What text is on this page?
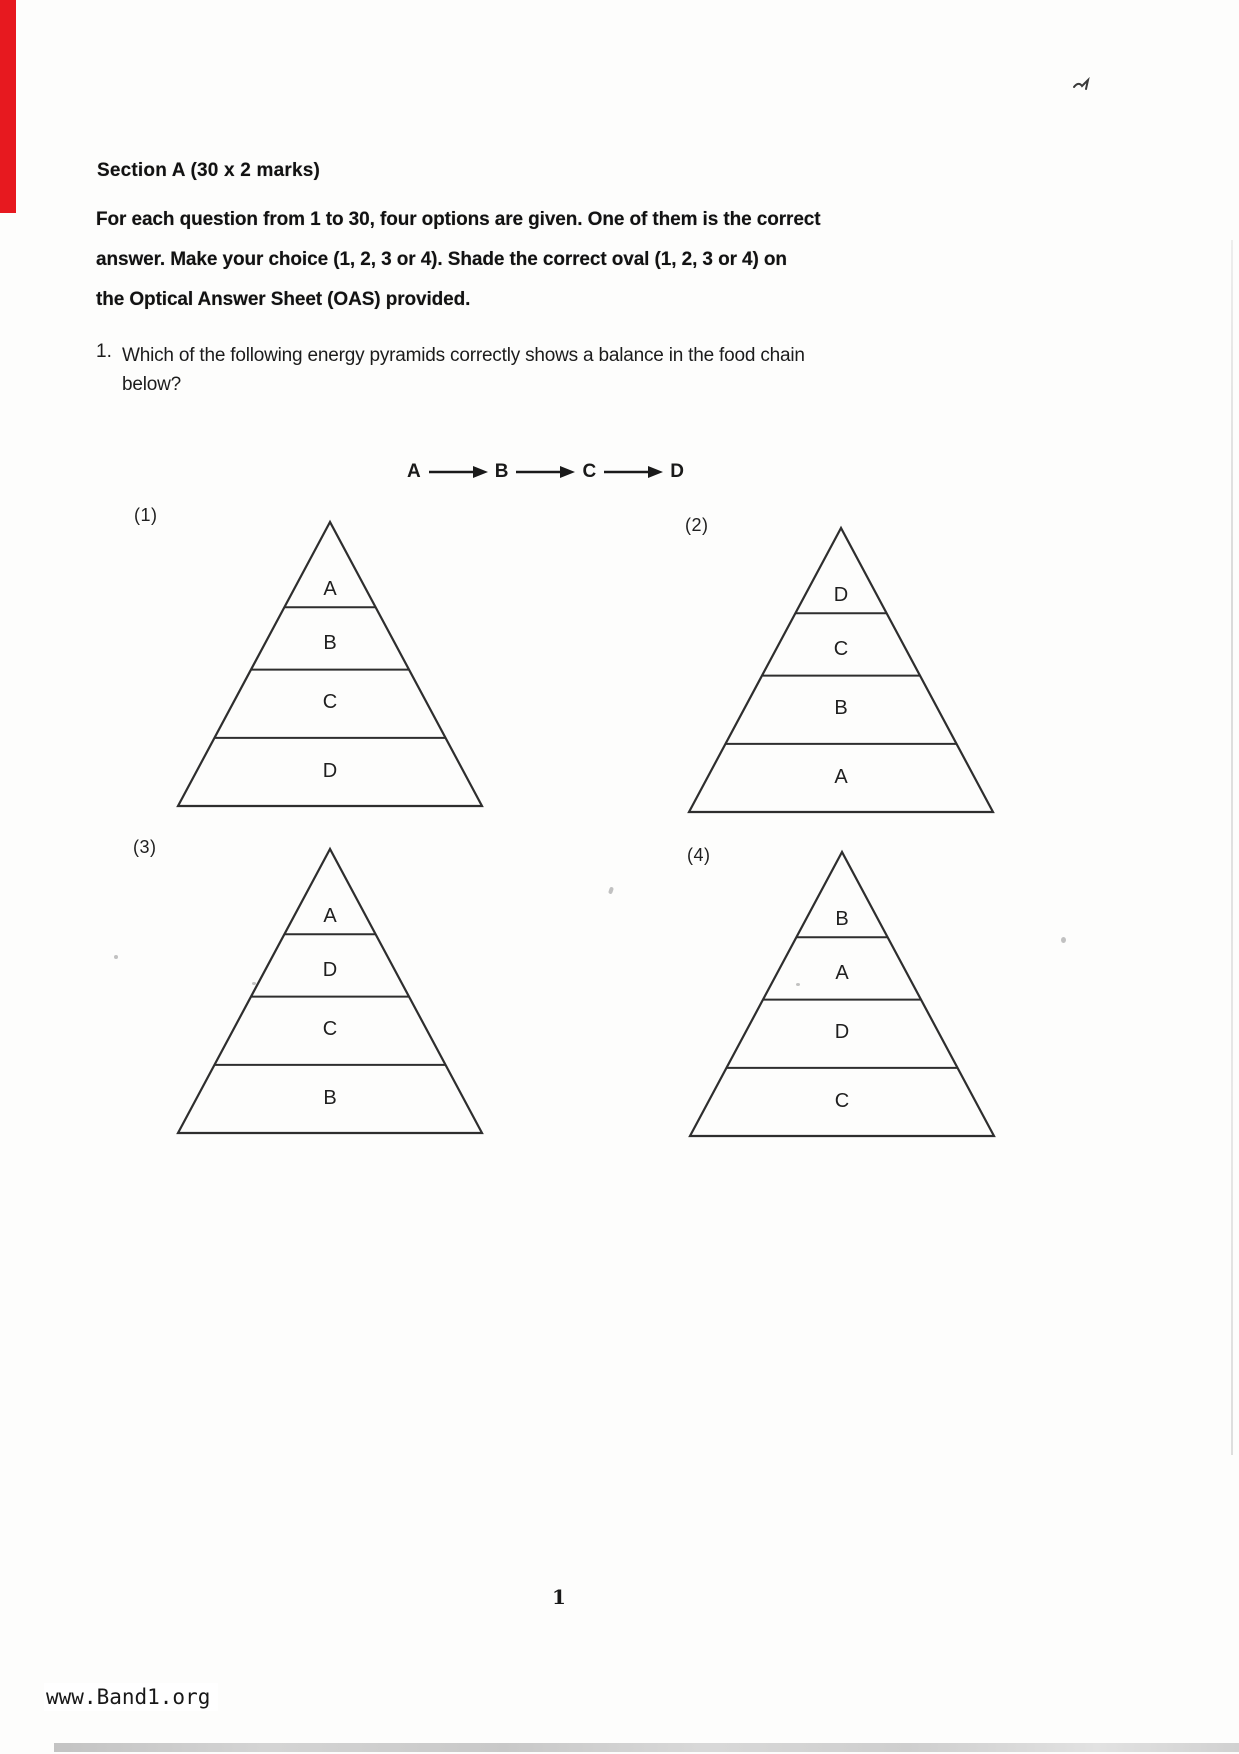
Section A (30 x 2 marks)
For each question from 1 to 30, four options are given. One of them is the correct
answer. Make your choice (1, 2, 3 or 4). Shade the correct oval (1, 2, 3 or 4) on
the Optical Answer Sheet (OAS) provided.
1. Which of the following energy pyramids correctly shows a balance in the food chain
below?
A	B	C	D
(1)	(2)
(3)	(4)
A
B
C
D
D
C
B
A
A
D
C
B
B
A
D
C
1
www.Band1.org
